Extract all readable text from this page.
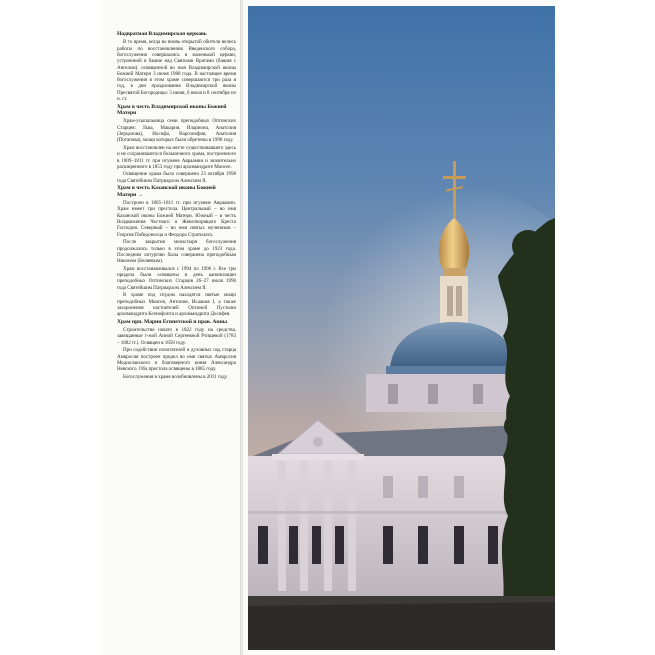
Надвратная Владимирская церковь

В то время, когда во вновь открытой обители велись работы по восстановлению Введенского собора, богослужения совершались в маленькой церкви, устроенной в башне над Святыми Вратами (башня с Ангелом), освященной во имя Владимирской иконы Божией Матери 3 июня 1988 года. В настоящее время богослужения в этом храме совершаются три раза в год, в дни празднования Владимирской иконы Пресвятой Богородицы: 3 июня, 6 июля и 8 сентября по н. ст.

Храм в честь Владимирской иконы Божией Матери

Храм-усыпальница семи преподобных Оптинских Старцев: Льва, Макария, Илариона, Анатолия (Зерцалова), Иосифа, Варсонофия, Анатолия (Потапова), мощи которых были обретены в 1998 году.

Храм восстановлен на месте существовавшего здесь и не сохранившегося больничного храма, построенного в 1809–1811 гг. при игумене Авраамии и значительно расширенного в 1853 году при архимандрите Моисее.

Освящение храма было совершено 23 октября 1998 года Святейшим Патриархом Алексием II.

Храм в честь Казанской иконы Божией Матери →

Построен в 1805–1811 гг. при игумене Авраамии. Храм имеет три престола. Центральный – во имя Казанской иконы Божией Матери. Южный – в честь Воздвижения Честнаго и Животворящаго Креста Господня. Северный – во имя святых мучеников – Георгия Победоносца и Феодора Стратилата.

После закрытия монастыря богослужения продолжались только в этом храме до 1923 года. Последним литургию была совершена преподобным Никоном (Беляевым).

Храм восстанавливался с 1994 по 1996 г. Все три придела были освящены в день канонизации преподобных Оптинских Старцев 26–27 июля 1996 года Святейшим Патриархом Алексием II.

В храме под спудом находятся святые мощи преподобных Моисея, Антония, Исаакия I, а также захоронения настоятелей Оптиной Пустыни архимандрита Ксенофонта и архимандрита Досифея.

Храм прп. Марии Египетской и прав. Анны

Строительство начато в 1822 году на средства, завещанные г-жой Анной Сергеевной Ртищевой (1783 – 1882 гг.). Освящен в 1858 году.

При содействии почитателей и духовных чад старца Амвросия построен придел во имя святых Амвросия Медиоланского и благоверного князя Александра Невского. Оба престола освящены в 1885 году.

Богослужения в храме возобновлены в 2011 году.
